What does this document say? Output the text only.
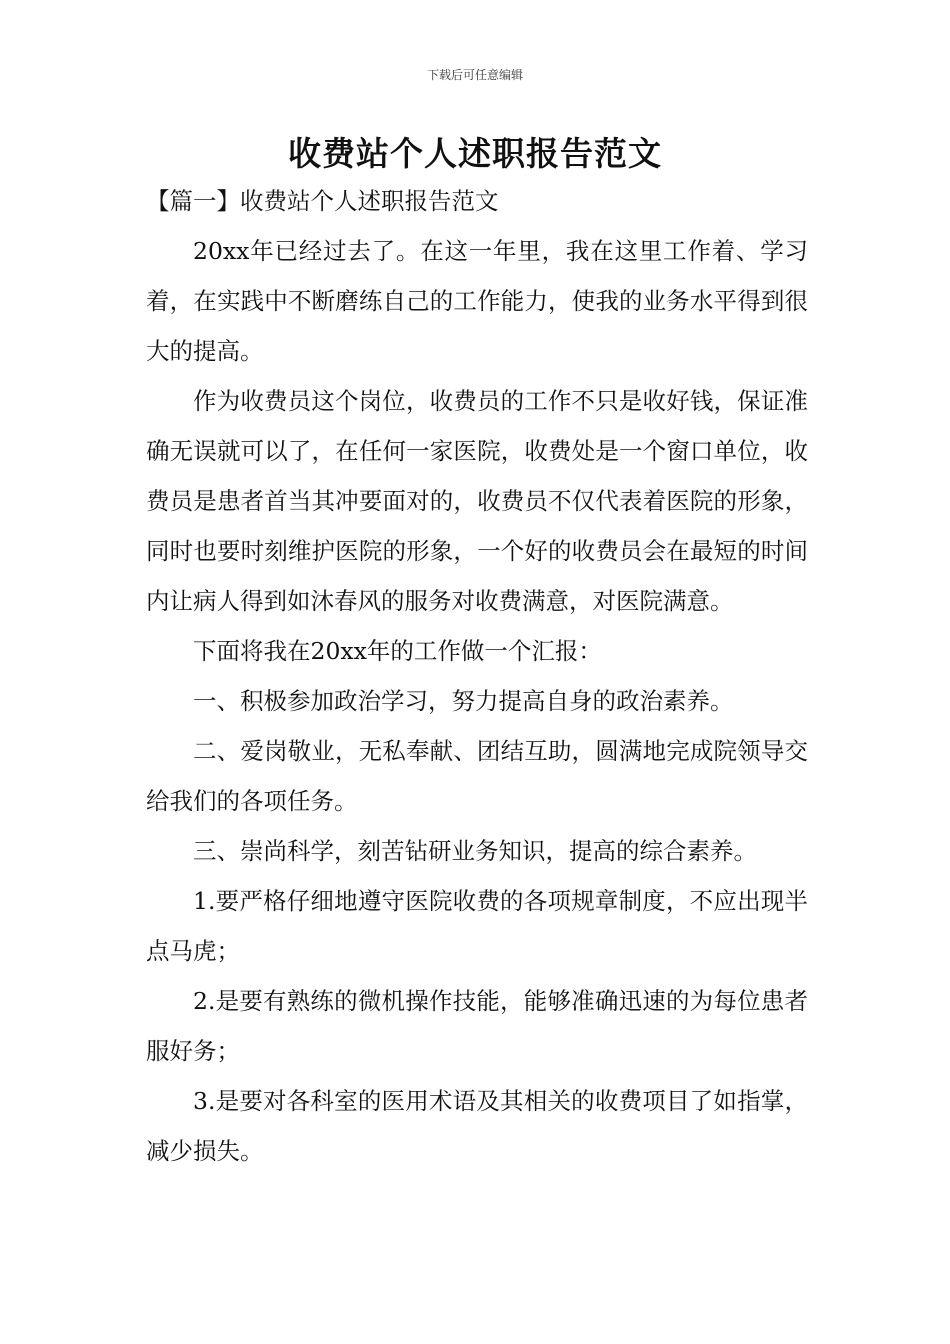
下载后可任意编辑
收费站个人述职报告范文

【篇一】收费站个人述职报告范文

20xx年已经过去了。在这一年里，我在这里工作着、学习着，在实践中不断磨练自己的工作能力，使我的业务水平得到很大的提高。

作为收费员这个岗位，收费员的工作不只是收好钱，保证准确无误就可以了，在任何一家医院，收费处是一个窗口单位，收费员是患者首当其冲要面对的，收费员不仅代表着医院的形象，同时也要时刻维护医院的形象，一个好的收费员会在最短的时间内让病人得到如沐春风的服务对收费满意，对医院满意。

下面将我在20xx年的工作做一个汇报：

一、积极参加政治学习，努力提高自身的政治素养。

二、爱岗敬业，无私奉献、团结互助，圆满地完成院领导交给我们的各项任务。

三、崇尚科学，刻苦钻研业务知识，提高的综合素养。

1.要严格仔细地遵守医院收费的各项规章制度，不应出现半点马虎；

2.是要有熟练的微机操作技能，能够准确迅速的为每位患者服好务；

3.是要对各科室的医用术语及其相关的收费项目了如指掌，减少损失。
